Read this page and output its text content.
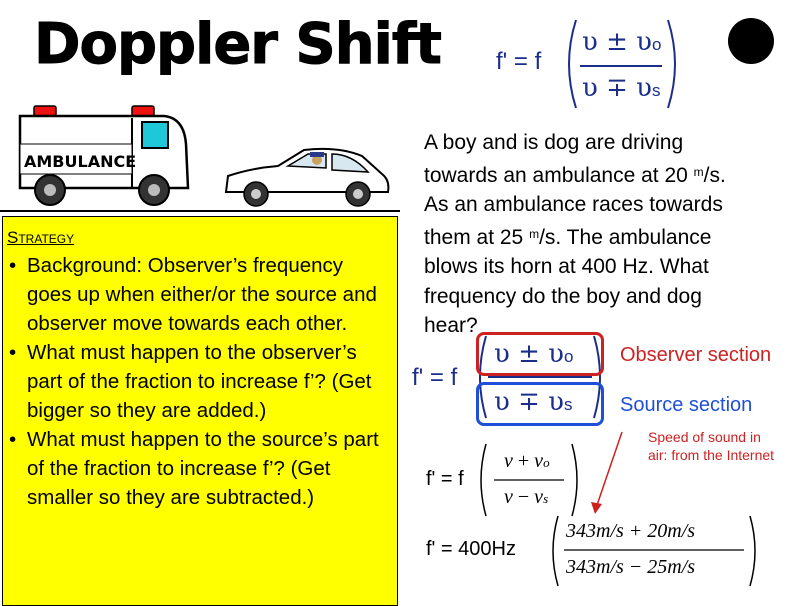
Doppler Shift f' = f
υ ± υo
υ ∓ υs
AMBULANCE
A boy and is dog are driving
towards an ambulance at 20 $^m$/s.
As an ambulance races towards
them at 25 $^m$/s. The ambulance
blows its horn at 400 Hz. What
frequency do the boy and dog
hear?
Strategy
• Background: Observer’s frequency goes up when either/or the source and observer move towards each other.
• What must happen to the observer’s part of the fraction to increase f’? (Get bigger so they are added.)
• What must happen to the source’s part of the fraction to increase f’? (Get smaller so they are subtracted.)
f' = f
υ ± υo
υ ∓ υs
Observer section
Source section
Speed of sound in
air: from the Internet
f' = f
v + vo
v − vs
f' = 400Hz
343m/s + 20m/s
343m/s − 25m/s
